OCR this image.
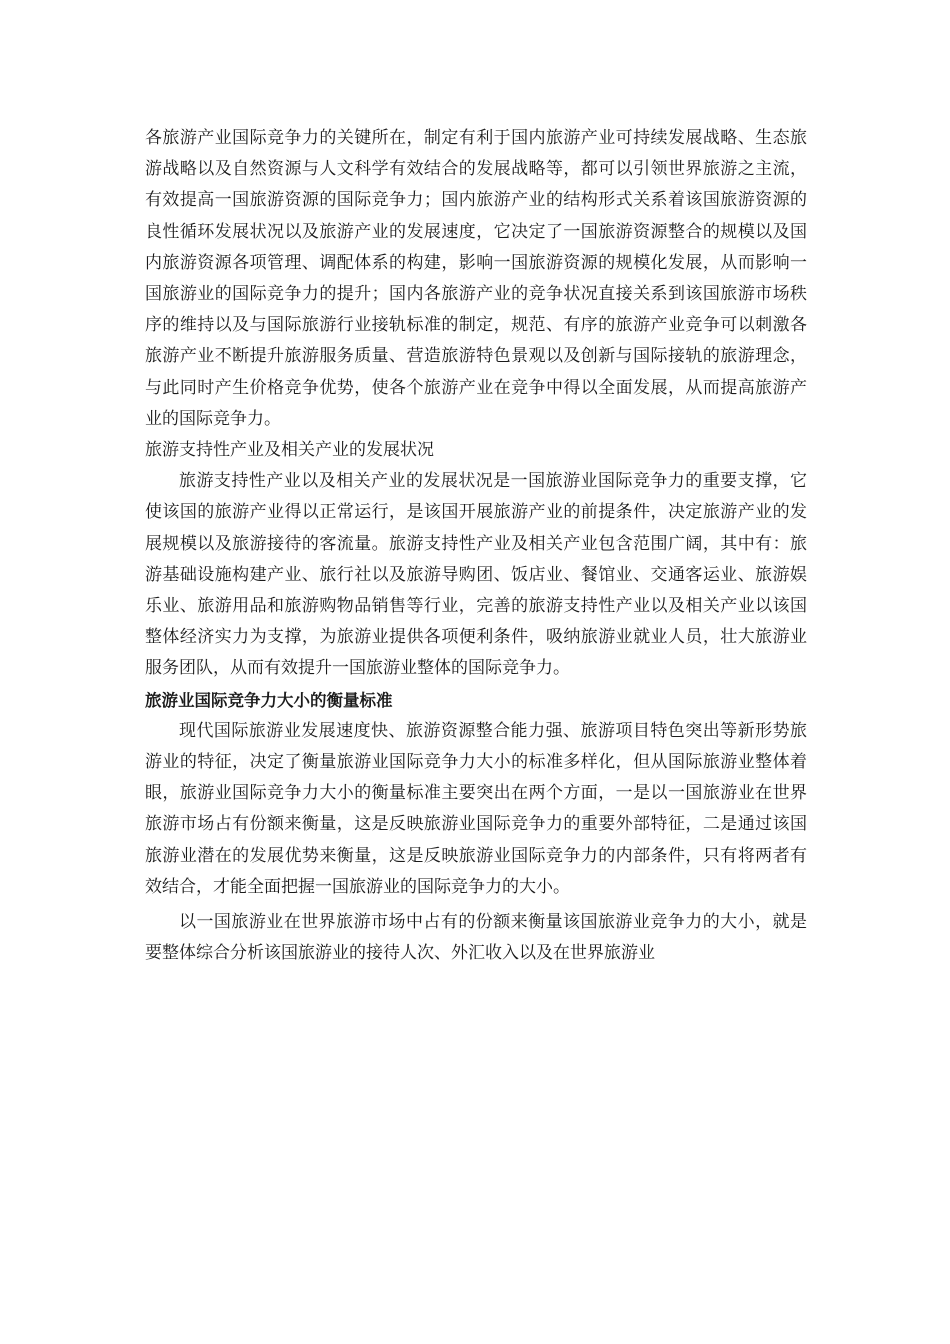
各旅游产业国际竞争力的关键所在，制定有利于国内旅游产业可持续发展战略、生态旅游战略以及自然资源与人文科学有效结合的发展战略等，都可以引领世界旅游之主流，有效提高一国旅游资源的国际竞争力；国内旅游产业的结构形式关系着该国旅游资源的良性循环发展状况以及旅游产业的发展速度，它决定了一国旅游资源整合的规模以及国内旅游资源各项管理、调配体系的构建，影响一国旅游资源的规模化发展，从而影响一国旅游业的国际竞争力的提升；国内各旅游产业的竞争状况直接关系到该国旅游市场秩序的维持以及与国际旅游行业接轨标准的制定，规范、有序的旅游产业竞争可以刺激各旅游产业不断提升旅游服务质量、营造旅游特色景观以及创新与国际接轨的旅游理念，与此同时产生价格竞争优势，使各个旅游产业在竞争中得以全面发展，从而提高旅游产业的国际竞争力。

旅游支持性产业及相关产业的发展状况

旅游支持性产业以及相关产业的发展状况是一国旅游业国际竞争力的重要支撑，它使该国的旅游产业得以正常运行，是该国开展旅游产业的前提条件，决定旅游产业的发展规模以及旅游接待的客流量。旅游支持性产业及相关产业包含范围广阔，其中有：旅游基础设施构建产业、旅行社以及旅游导购团、饭店业、餐馆业、交通客运业、旅游娱乐业、旅游用品和旅游购物品销售等行业，完善的旅游支持性产业以及相关产业以该国整体经济实力为支撑，为旅游业提供各项便利条件，吸纳旅游业就业人员，壮大旅游业服务团队，从而有效提升一国旅游业整体的国际竞争力。

旅游业国际竞争力大小的衡量标准

现代国际旅游业发展速度快、旅游资源整合能力强、旅游项目特色突出等新形势旅游业的特征，决定了衡量旅游业国际竞争力大小的标准多样化，但从国际旅游业整体着眼，旅游业国际竞争力大小的衡量标准主要突出在两个方面，一是以一国旅游业在世界旅游市场占有份额来衡量，这是反映旅游业国际竞争力的重要外部特征，二是通过该国旅游业潜在的发展优势来衡量，这是反映旅游业国际竞争力的内部条件，只有将两者有效结合，才能全面把握一国旅游业的国际竞争力的大小。

以一国旅游业在世界旅游市场中占有的份额来衡量该国旅游业竞争力的大小，就是要整体综合分析该国旅游业的接待人次、外汇收入以及在世界旅游业
